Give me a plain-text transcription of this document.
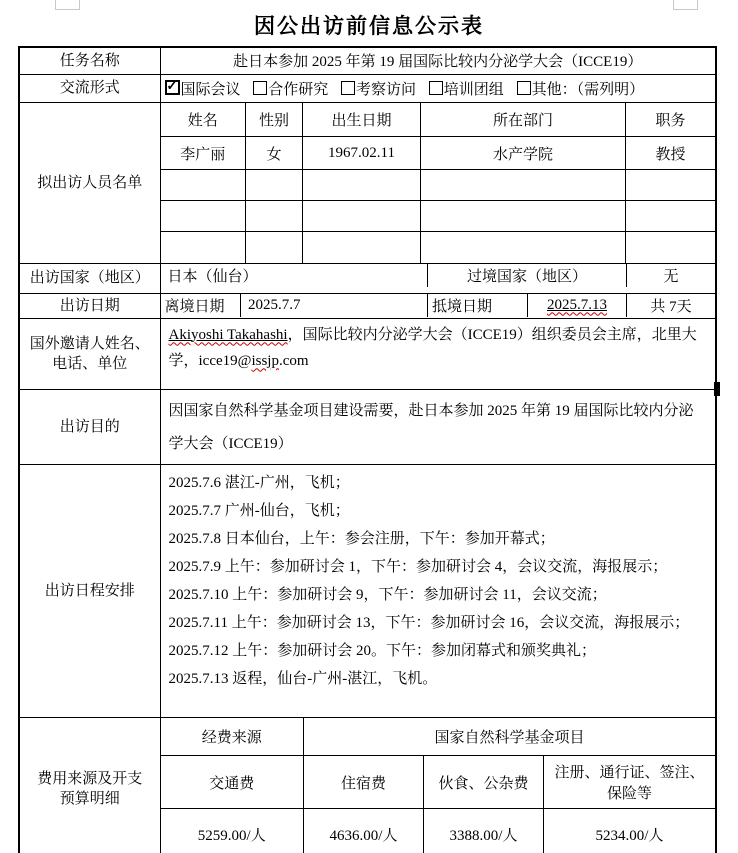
因公出访前信息公示表
任务名称	赴日本参加 2025 年第 19 届国际比较内分泌学大会（ICCE19）
交流形式	✓国际会议 合作研究 考察访问 培训团组 其他：（需列明）
拟出访人员名单	
姓名	性别	出生日期	所在部门	职务
李广丽	女	1967.02.11	水产学院	教授

出访国家（地区）	日本（仙台）	过境国家（地区）	无

出访日期		离境日期	2025.7.7	抵境日期	2025.7.13	共 7天

国外邀请人姓名、
电话、单位
	Akiyoshi Takahashi，国际比较内分泌学大会（ICCE19）组织委员会主席，北里大学，icce19@issjp.com
出访目的	因国家自然科学基金项目建设需要，赴日本参加 2025 年第 19 届国际比较内分泌学大会（ICCE19）
出访日程安排	
2025.7.6 湛江-广州，飞机；
2025.7.7 广州-仙台，飞机；
2025.7.8 日本仙台，上午：参会注册，下午：参加开幕式；
2025.7.9 上午：参加研讨会 1，下午：参加研讨会 4，会议交流，海报展示；
2025.7.10 上午：参加研讨会 9，下午：参加研讨会 11，会议交流；
2025.7.11 上午：参加研讨会 13，下午：参加研讨会 16，会议交流，海报展示；
2025.7.12 上午：参加研讨会 20。下午：参加闭幕式和颁奖典礼；
2025.7.13 返程，仙台-广州-湛江，飞机。

费用来源及开支
预算明细

经费来源	国家自然科学基金项目
交通费	住宿费	伙食、公杂费	注册、通行证、签注、保险等
5259.00/人	4636.00/人	3388.00/人	5234.00/人
